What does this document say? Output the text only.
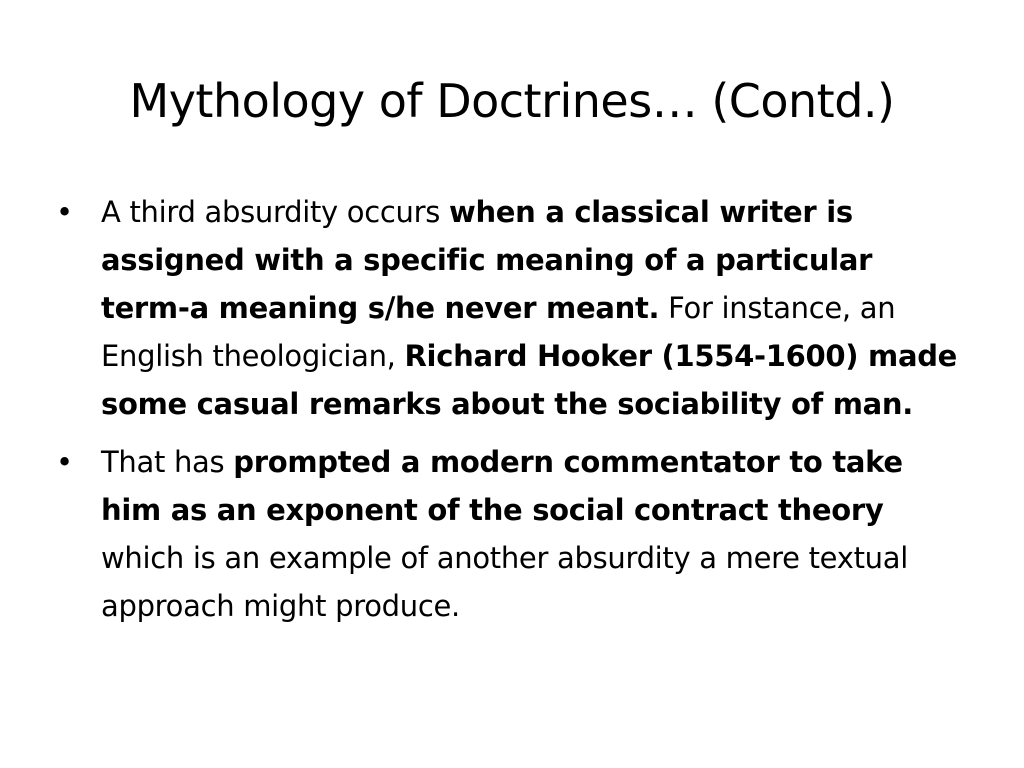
Mythology of Doctrines… (Contd.)
• A third absurdity occurs when a classical writer is assigned with a specific meaning of a particular term-a meaning s/he never meant. For instance, an English theologician, Richard Hooker (1554-1600) made some casual remarks about the sociability of man.
• That has prompted a modern commentator to take him as an exponent of the social contract theory which is an example of another absurdity a mere textual approach might produce.
